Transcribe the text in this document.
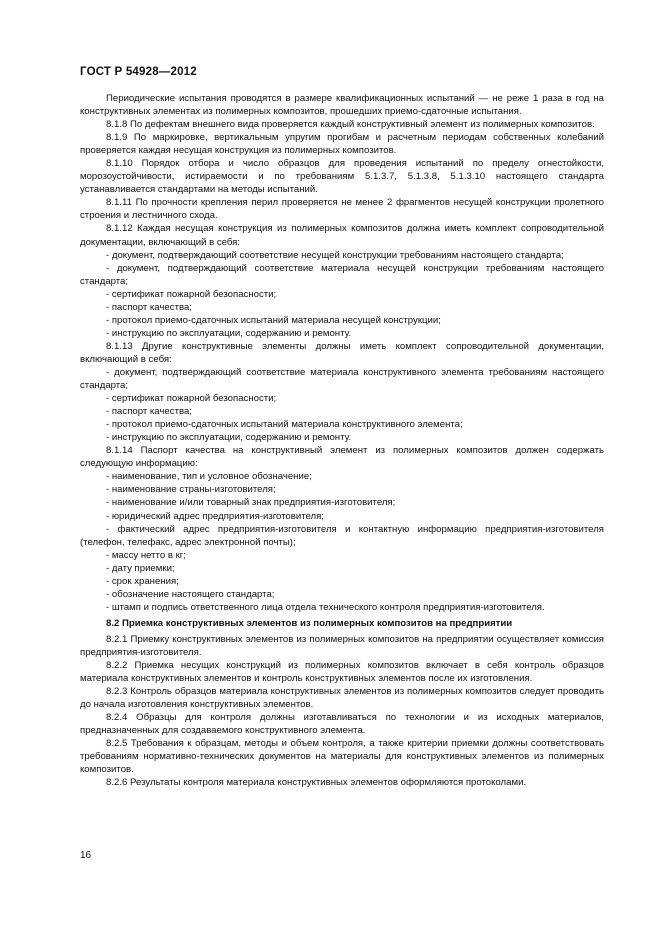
ГОСТ Р 54928—2012

Периодические испытания проводятся в размере квалификационных испытаний — не реже 1 раза в год на конструктивных элементах из полимерных композитов, прошедших приемо-сдаточные испытания.

8.1.8 По дефектам внешнего вида проверяется каждый конструктивный элемент из полимерных композитов.

8.1.9 По маркировке, вертикальным упругим прогибам и расчетным периодам собственных колебаний проверяется каждая несущая конструкция из полимерных композитов.

8.1.10 Порядок отбора и число образцов для проведения испытаний по пределу огнестойкости, морозоустойчивости, истираемости и по требованиям 5.1.3.7, 5.1.3.8, 5.1.3.10 настоящего стандарта устанавливается стандартами на методы испытаний.

8.1.11 По прочности крепления перил проверяется не менее 2 фрагментов несущей конструкции пролетного строения и лестничного схода.

8.1.12 Каждая несущая конструкция из полимерных композитов должна иметь комплект сопроводительной документации, включающий в себя:

- документ, подтверждающий соответствие несущей конструкции требованиям настоящего стандарта;

- документ, подтверждающий соответствие материала несущей конструкции требованиям настоящего стандарта;

- сертификат пожарной безопасности;

- паспорт качества;

- протокол приемо-сдаточных испытаний материала несущей конструкции;

- инструкцию по эксплуатации, содержанию и ремонту.

8.1.13 Другие конструктивные элементы должны иметь комплект сопроводительной документации, включающий в себя:

- документ, подтверждающий соответствие материала конструктивного элемента требованиям настоящего стандарта;

- сертификат пожарной безопасности;

- паспорт качества;

- протокол приемо-сдаточных испытаний материала конструктивного элемента;

- инструкцию по эксплуатации, содержанию и ремонту.

8.1.14 Паспорт качества на конструктивный элемент из полимерных композитов должен содержать следующую информацию:

- наименование, тип и условное обозначение;

- наименование страны-изготовителя;

- наименование и/или товарный знак предприятия-изготовителя;

- юридический адрес предприятия-изготовителя;

- фактический адрес предприятия-изготовителя и контактную информацию предприятия-изготовителя (телефон, телефакс, адрес электронной почты);

- массу нетто в кг;

- дату приемки;

- срок хранения;

- обозначение настоящего стандарта;

- штамп и подпись ответственного лица отдела технического контроля предприятия-изготовителя.

8.2 Приемка конструктивных элементов из полимерных композитов на предприятии

8.2.1 Приемку конструктивных элементов из полимерных композитов на предприятии осуществляет комиссия предприятия-изготовителя.

8.2.2 Приемка несущих конструкций из полимерных композитов включает в себя контроль образцов материала конструктивных элементов и контроль конструктивных элементов после их изготовления.

8.2.3 Контроль образцов материала конструктивных элементов из полимерных композитов следует проводить до начала изготовления конструктивных элементов.

8.2.4 Образцы для контроля должны изготавливаться по технологии и из исходных материалов, предназначенных для создаваемого конструктивного элемента.

8.2.5 Требования к образцам, методы и объем контроля, а также критерии приемки должны соответствовать требованиям нормативно-технических документов на материалы для конструктивных элементов из полимерных композитов.

8.2.6 Результаты контроля материала конструктивных элементов оформляются протоколами.

16
